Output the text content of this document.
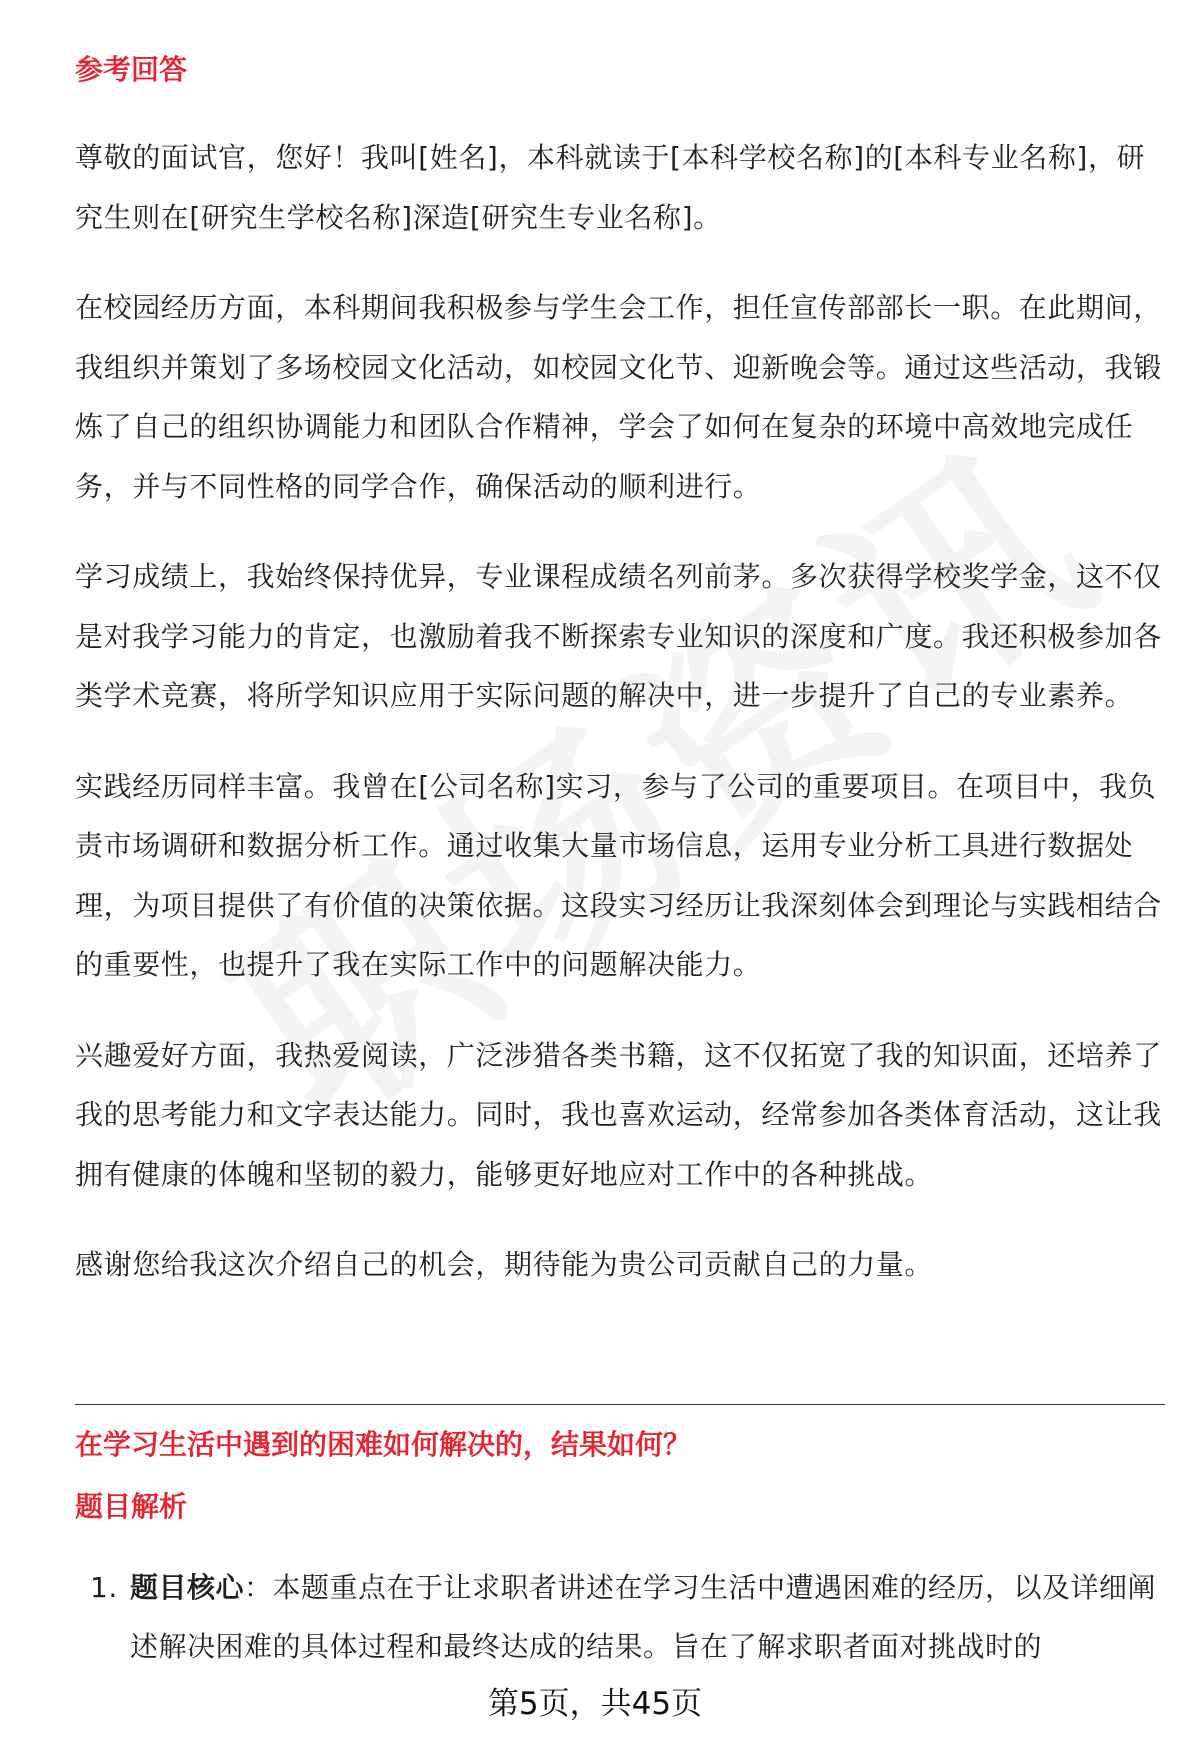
参考回答

尊敬的面试官，您好！我叫[姓名]，本科就读于[本科学校名称]的[本科专业名称]，研究生则在[研究生学校名称]深造[研究生专业名称]。

在校园经历方面，本科期间我积极参与学生会工作，担任宣传部部长一职。在此期间，我组织并策划了多场校园文化活动，如校园文化节、迎新晚会等。通过这些活动，我锻炼了自己的组织协调能力和团队合作精神，学会了如何在复杂的环境中高效地完成任务，并与不同性格的同学合作，确保活动的顺利进行。

学习成绩上，我始终保持优异，专业课程成绩名列前茅。多次获得学校奖学金，这不仅是对我学习能力的肯定，也激励着我不断探索专业知识的深度和广度。我还积极参加各类学术竞赛，将所学知识应用于实际问题的解决中，进一步提升了自己的专业素养。

实践经历同样丰富。我曾在[公司名称]实习，参与了公司的重要项目。在项目中，我负责市场调研和数据分析工作。通过收集大量市场信息，运用专业分析工具进行数据处理，为项目提供了有价值的决策依据。这段实习经历让我深刻体会到理论与实践相结合的重要性，也提升了我在实际工作中的问题解决能力。

兴趣爱好方面，我热爱阅读，广泛涉猎各类书籍，这不仅拓宽了我的知识面，还培养了我的思考能力和文字表达能力。同时，我也喜欢运动，经常参加各类体育活动，这让我拥有健康的体魄和坚韧的毅力，能够更好地应对工作中的各种挑战。

感谢您给我这次介绍自己的机会，期待能为贵公司贡献自己的力量。

在学习生活中遇到的困难如何解决的，结果如何？

题目解析

1. 题目核心：本题重点在于让求职者讲述在学习生活中遭遇困难的经历，以及详细阐述解决困难的具体过程和最终达成的结果。旨在了解求职者面对挑战时的
第5页，共45页
